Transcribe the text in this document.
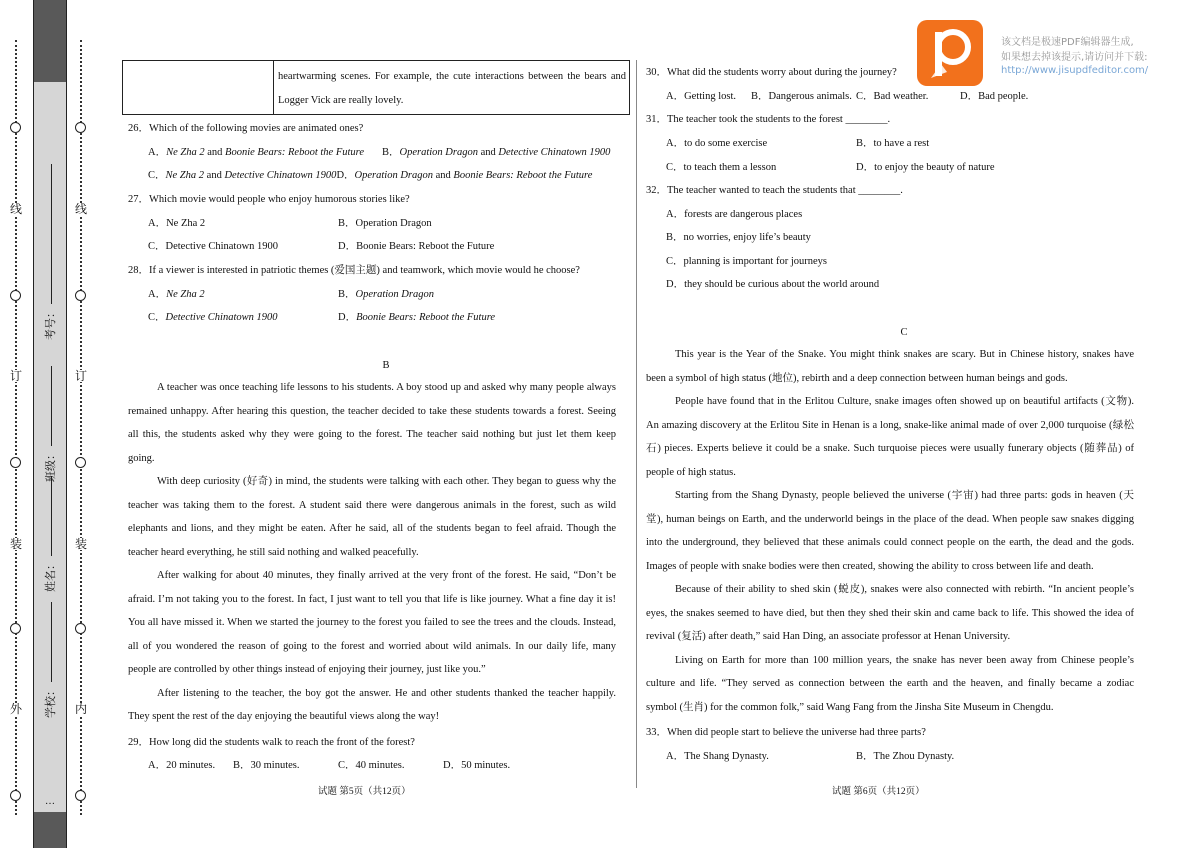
外
装
订
线
内
装
订
线
学校：
姓名：
班级：
考号：
…
heartwarming scenes. For example, the cute interactions between the bears and
Logger Vick are really lovely.
26．Which of the following movies are animated ones?
A．Ne Zha 2 and Boonie Bears: Reboot the Future B．Operation Dragon and Detective Chinatown 1900
C．Ne Zha 2 and Detective Chinatown 1900D．Operation Dragon and Boonie Bears: Reboot the Future
27．Which movie would people who enjoy humorous stories like?
A．Ne Zha 2	B．Operation Dragon
C．Detective Chinatown 1900	D．Boonie Bears: Reboot the Future
28．If a viewer is interested in patriotic themes (爱国主题) and teamwork, which movie would he choose?
A．Ne Zha 2	B．Operation Dragon
C．Detective Chinatown 1900	D．Boonie Bears: Reboot the Future
B
A teacher was once teaching life lessons to his students. A boy stood up and asked why many people always
remained unhappy. After hearing this question, the teacher decided to take these students towards a forest. Seeing
all this, the students asked why they were going to the forest. The teacher said nothing but just let them keep
going.
With deep curiosity (好奇) in mind, the students were talking with each other. They began to guess why the
teacher was taking them to the forest. A student said there were dangerous animals in the forest, such as wild
elephants and lions, and they might be eaten. After he said, all of the students began to feel afraid. Though the
teacher heard everything, he still said nothing and walked peacefully.
After walking for about 40 minutes, they finally arrived at the very front of the forest. He said, “Don’t be
afraid. I’m not taking you to the forest. In fact, I just want to tell you that life is like journey. What a fine day it is!
You all have missed it. When we started the journey to the forest you failed to see the trees and the clouds. Instead,
all of you wondered the reason of going to the forest and worried about wild animals. In our daily life, many
people are controlled by other things instead of enjoying their journey, just like you.”
After listening to the teacher, the boy got the answer. He and other students thanked the teacher happily.
They spent the rest of the day enjoying the beautiful views along the way!
29．How long did the students walk to reach the front of the forest?
A．20 minutes. B．30 minutes.	C．40 minutes.	D．50 minutes.
试题 第5页（共12页）
30．What did the students worry about during the journey?
A．Getting lost. B．Dangerous animals. C．Bad weather.	D．Bad people.
31．The teacher took the students to the forest ________.
A．to do some exercise	B．to have a rest
C．to teach them a lesson	D．to enjoy the beauty of nature
32．The teacher wanted to teach the students that ________.
A．forests are dangerous places
B．no worries, enjoy life’s beauty
C．planning is important for journeys
D．they should be curious about the world around
C
This year is the Year of the Snake. You might think snakes are scary. But in Chinese history, snakes have
been a symbol of high status (地位), rebirth and a deep connection between human beings and gods.
People have found that in the Erlitou Culture, snake images often showed up on beautiful artifacts (文物).
An amazing discovery at the Erlitou Site in Henan is a long, snake-like animal made of over 2,000 turquoise (绿松
石) pieces. Experts believe it could be a snake. Such turquoise pieces were usually funerary objects (随葬品) of
people of high status.
Starting from the Shang Dynasty, people believed the universe (宇宙) had three parts: gods in heaven (天
堂), human beings on Earth, and the underworld beings in the place of the dead. When people saw snakes digging
into the underground, they believed that these animals could connect people on the earth, the dead and the gods.
Images of people with snake bodies were then created, showing the ability to cross between life and death.
Because of their ability to shed skin (蜕皮), snakes were also connected with rebirth. “In ancient people’s
eyes, the snakes seemed to have died, but then they shed their skin and came back to life. This showed the idea of
revival (复活) after death,” said Han Ding, an associate professor at Henan University.
Living on Earth for more than 100 million years, the snake has never been away from Chinese people’s
culture and life. “They served as connection between the earth and the heaven, and finally became a zodiac
symbol (生肖) for the common folk,” said Wang Fang from the Jinsha Site Museum in Chengdu.
33．When did people start to believe the universe had three parts?
A．The Shang Dynasty.	B．The Zhou Dynasty.
试题 第6页（共12页）
该文档是极速PDF编辑器生成,
如果想去掉该提示,请访问并下载:
http://www.jisupdfeditor.com/
